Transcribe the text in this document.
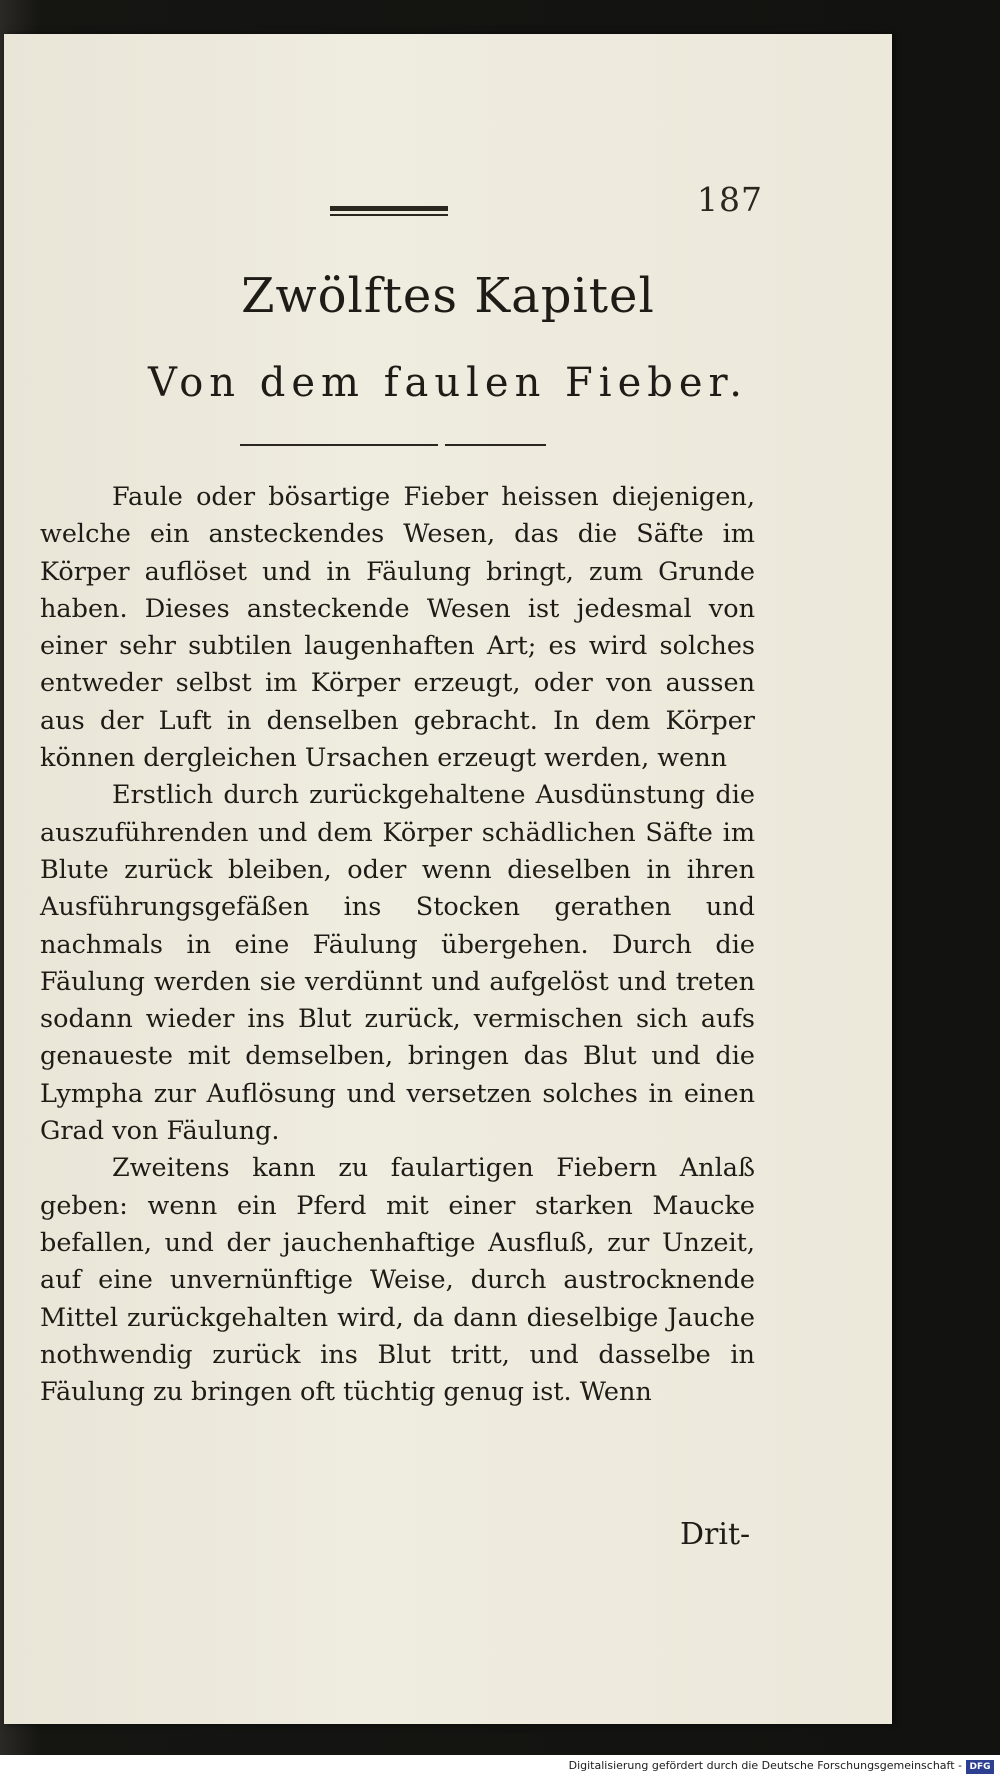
187
Zwölftes Kapitel
Von dem faulen Fieber.

Faule oder bösartige Fieber heissen diejenigen, welche ein ansteckendes Wesen, das die Säfte im Körper auflöset und in Fäulung bringt, zum Grunde haben. Dieses ansteckende Wesen ist jedesmal von einer sehr subtilen laugenhaften Art; es wird solches entweder selbst im Körper erzeugt, oder von aussen aus der Luft in denselben gebracht. In dem Körper können dergleichen Ursachen erzeugt werden, wenn

Erstlich durch zurückgehaltene Ausdünstung die auszuführenden und dem Körper schädlichen Säfte im Blute zurück bleiben, oder wenn dieselben in ihren Ausführungsgefäßen ins Stocken gerathen und nachmals in eine Fäulung übergehen. Durch die Fäulung werden sie verdünnt und aufgelöst und treten sodann wieder ins Blut zurück, vermischen sich aufs genaueste mit demselben, bringen das Blut und die Lympha zur Auflösung und versetzen solches in einen Grad von Fäulung.

Zweitens kann zu faulartigen Fiebern Anlaß geben: wenn ein Pferd mit einer starken Maucke befallen, und der jauchenhaftige Ausfluß, zur Unzeit, auf eine unvernünftige Weise, durch austrocknende Mittel zurückgehalten wird, da dann dieselbige Jauche nothwendig zurück ins Blut tritt, und dasselbe in Fäulung zu bringen oft tüchtig genug ist. Wenn

Drit-
Digitalisierung gefördert durch die Deutsche Forschungsgemeinschaft - DFG
